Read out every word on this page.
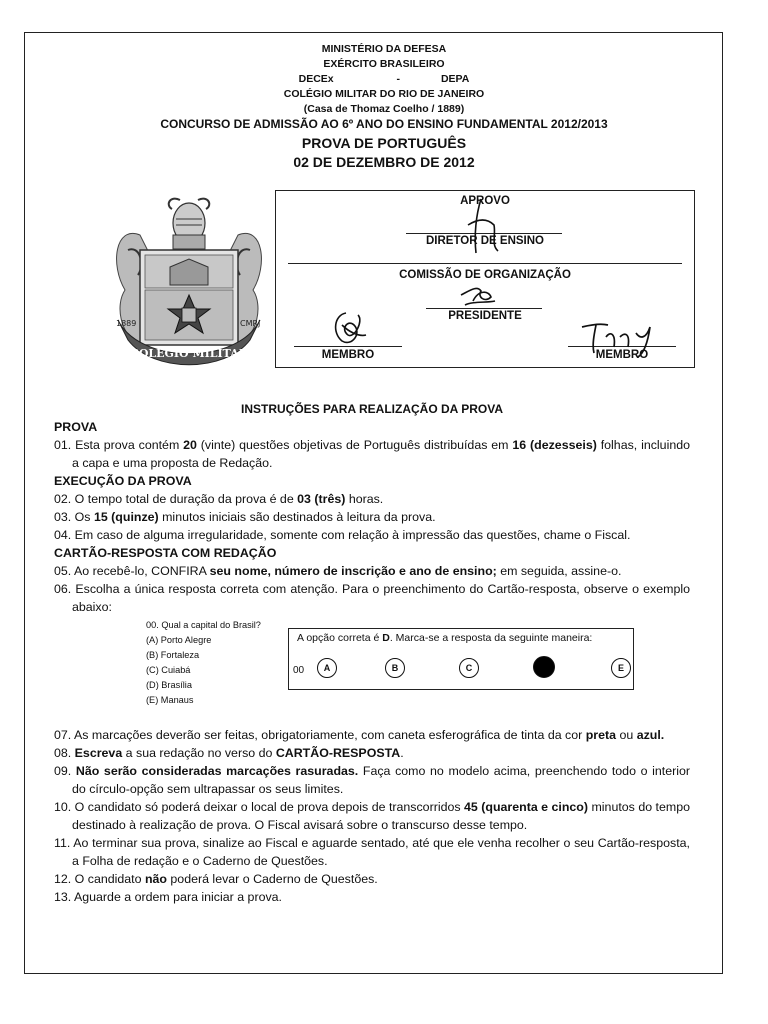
MINISTÉRIO DA DEFESA
EXÉRCITO BRASILEIRO
DECEx	-	DEPA
COLÉGIO MILITAR DO RIO DE JANEIRO
(Casa de Thomaz Coelho / 1889)
CONCURSO DE ADMISSÃO AO 6º ANO DO ENSINO FUNDAMENTAL 2012/2013
PROVA DE PORTUGUÊS
02 DE DEZEMBRO DE 2012
COLÉGIO MILITAR
1889	CMRJ
APROVO
DIRETOR DE ENSINO
COMISSÃO DE ORGANIZAÇÃO
PRESIDENTE
MEMBRO	MEMBRO
INSTRUÇÕES PARA REALIZAÇÃO DA PROVA
PROVA
01. Esta prova contém 20 (vinte) questões objetivas de Português distribuídas em 16 (dezesseis) folhas, incluindo a capa e uma proposta de Redação.
EXECUÇÃO DA PROVA
02. O tempo total de duração da prova é de 03 (três) horas.
03. Os 15 (quinze) minutos iniciais são destinados à leitura da prova.
04. Em caso de alguma irregularidade, somente com relação à impressão das questões, chame o Fiscal.
CARTÃO-RESPOSTA COM REDAÇÃO
05. Ao recebê-lo, CONFIRA seu nome, número de inscrição e ano de ensino; em seguida, assine-o.
06. Escolha a única resposta correta com atenção. Para o preenchimento do Cartão-resposta, observe o exemplo abaixo:
00. Qual a capital do Brasil?
(A) Porto Alegre
(B) Fortaleza
(C) Cuiabá
(D) Brasília
(E) Manaus
A opção correta é D. Marca-se a resposta da seguinte maneira:
00	A	B	C	E
07. As marcações deverão ser feitas, obrigatoriamente, com caneta esferográfica de tinta da cor preta ou azul.
08. Escreva a sua redação no verso do CARTÃO-RESPOSTA.
09. Não serão consideradas marcações rasuradas. Faça como no modelo acima, preenchendo todo o interior do círculo-opção sem ultrapassar os seus limites.
10. O candidato só poderá deixar o local de prova depois de transcorridos 45 (quarenta e cinco) minutos do tempo destinado à realização de prova. O Fiscal avisará sobre o transcurso desse tempo.
11. Ao terminar sua prova, sinalize ao Fiscal e aguarde sentado, até que ele venha recolher o seu Cartão-resposta, a Folha de redação e o Caderno de Questões.
12. O candidato não poderá levar o Caderno de Questões.
13. Aguarde a ordem para iniciar a prova.
